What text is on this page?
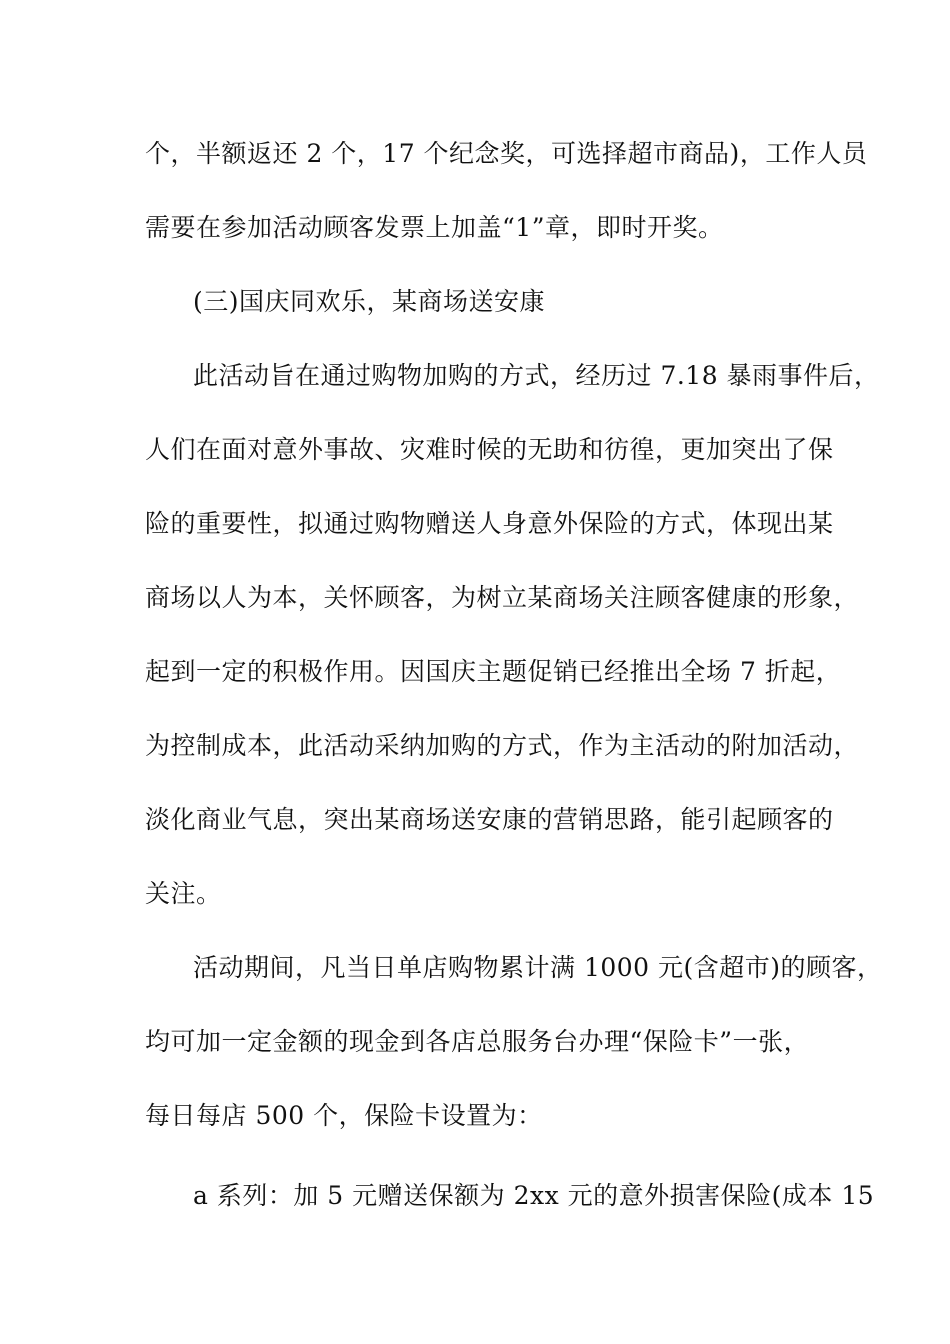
个，半额返还 2 个，17 个纪念奖，可选择超市商品)，工作人员
需要在参加活动顾客发票上加盖“1”章，即时开奖。
(三)国庆同欢乐，某商场送安康
此活动旨在通过购物加购的方式，经历过 7.18 暴雨事件后，
人们在面对意外事故、灾难时候的无助和彷徨，更加突出了保
险的重要性，拟通过购物赠送人身意外保险的方式，体现出某
商场以人为本，关怀顾客，为树立某商场关注顾客健康的形象，
起到一定的积极作用。因国庆主题促销已经推出全场 7 折起，
为控制成本，此活动采纳加购的方式，作为主活动的附加活动，
淡化商业气息，突出某商场送安康的营销思路，能引起顾客的
关注。
活动期间，凡当日单店购物累计满 1000 元(含超市)的顾客，
均可加一定金额的现金到各店总服务台办理“保险卡”一张，
每日每店 500 个，保险卡设置为：
a 系列：加 5 元赠送保额为 2xx 元的意外损害保险(成本 15
